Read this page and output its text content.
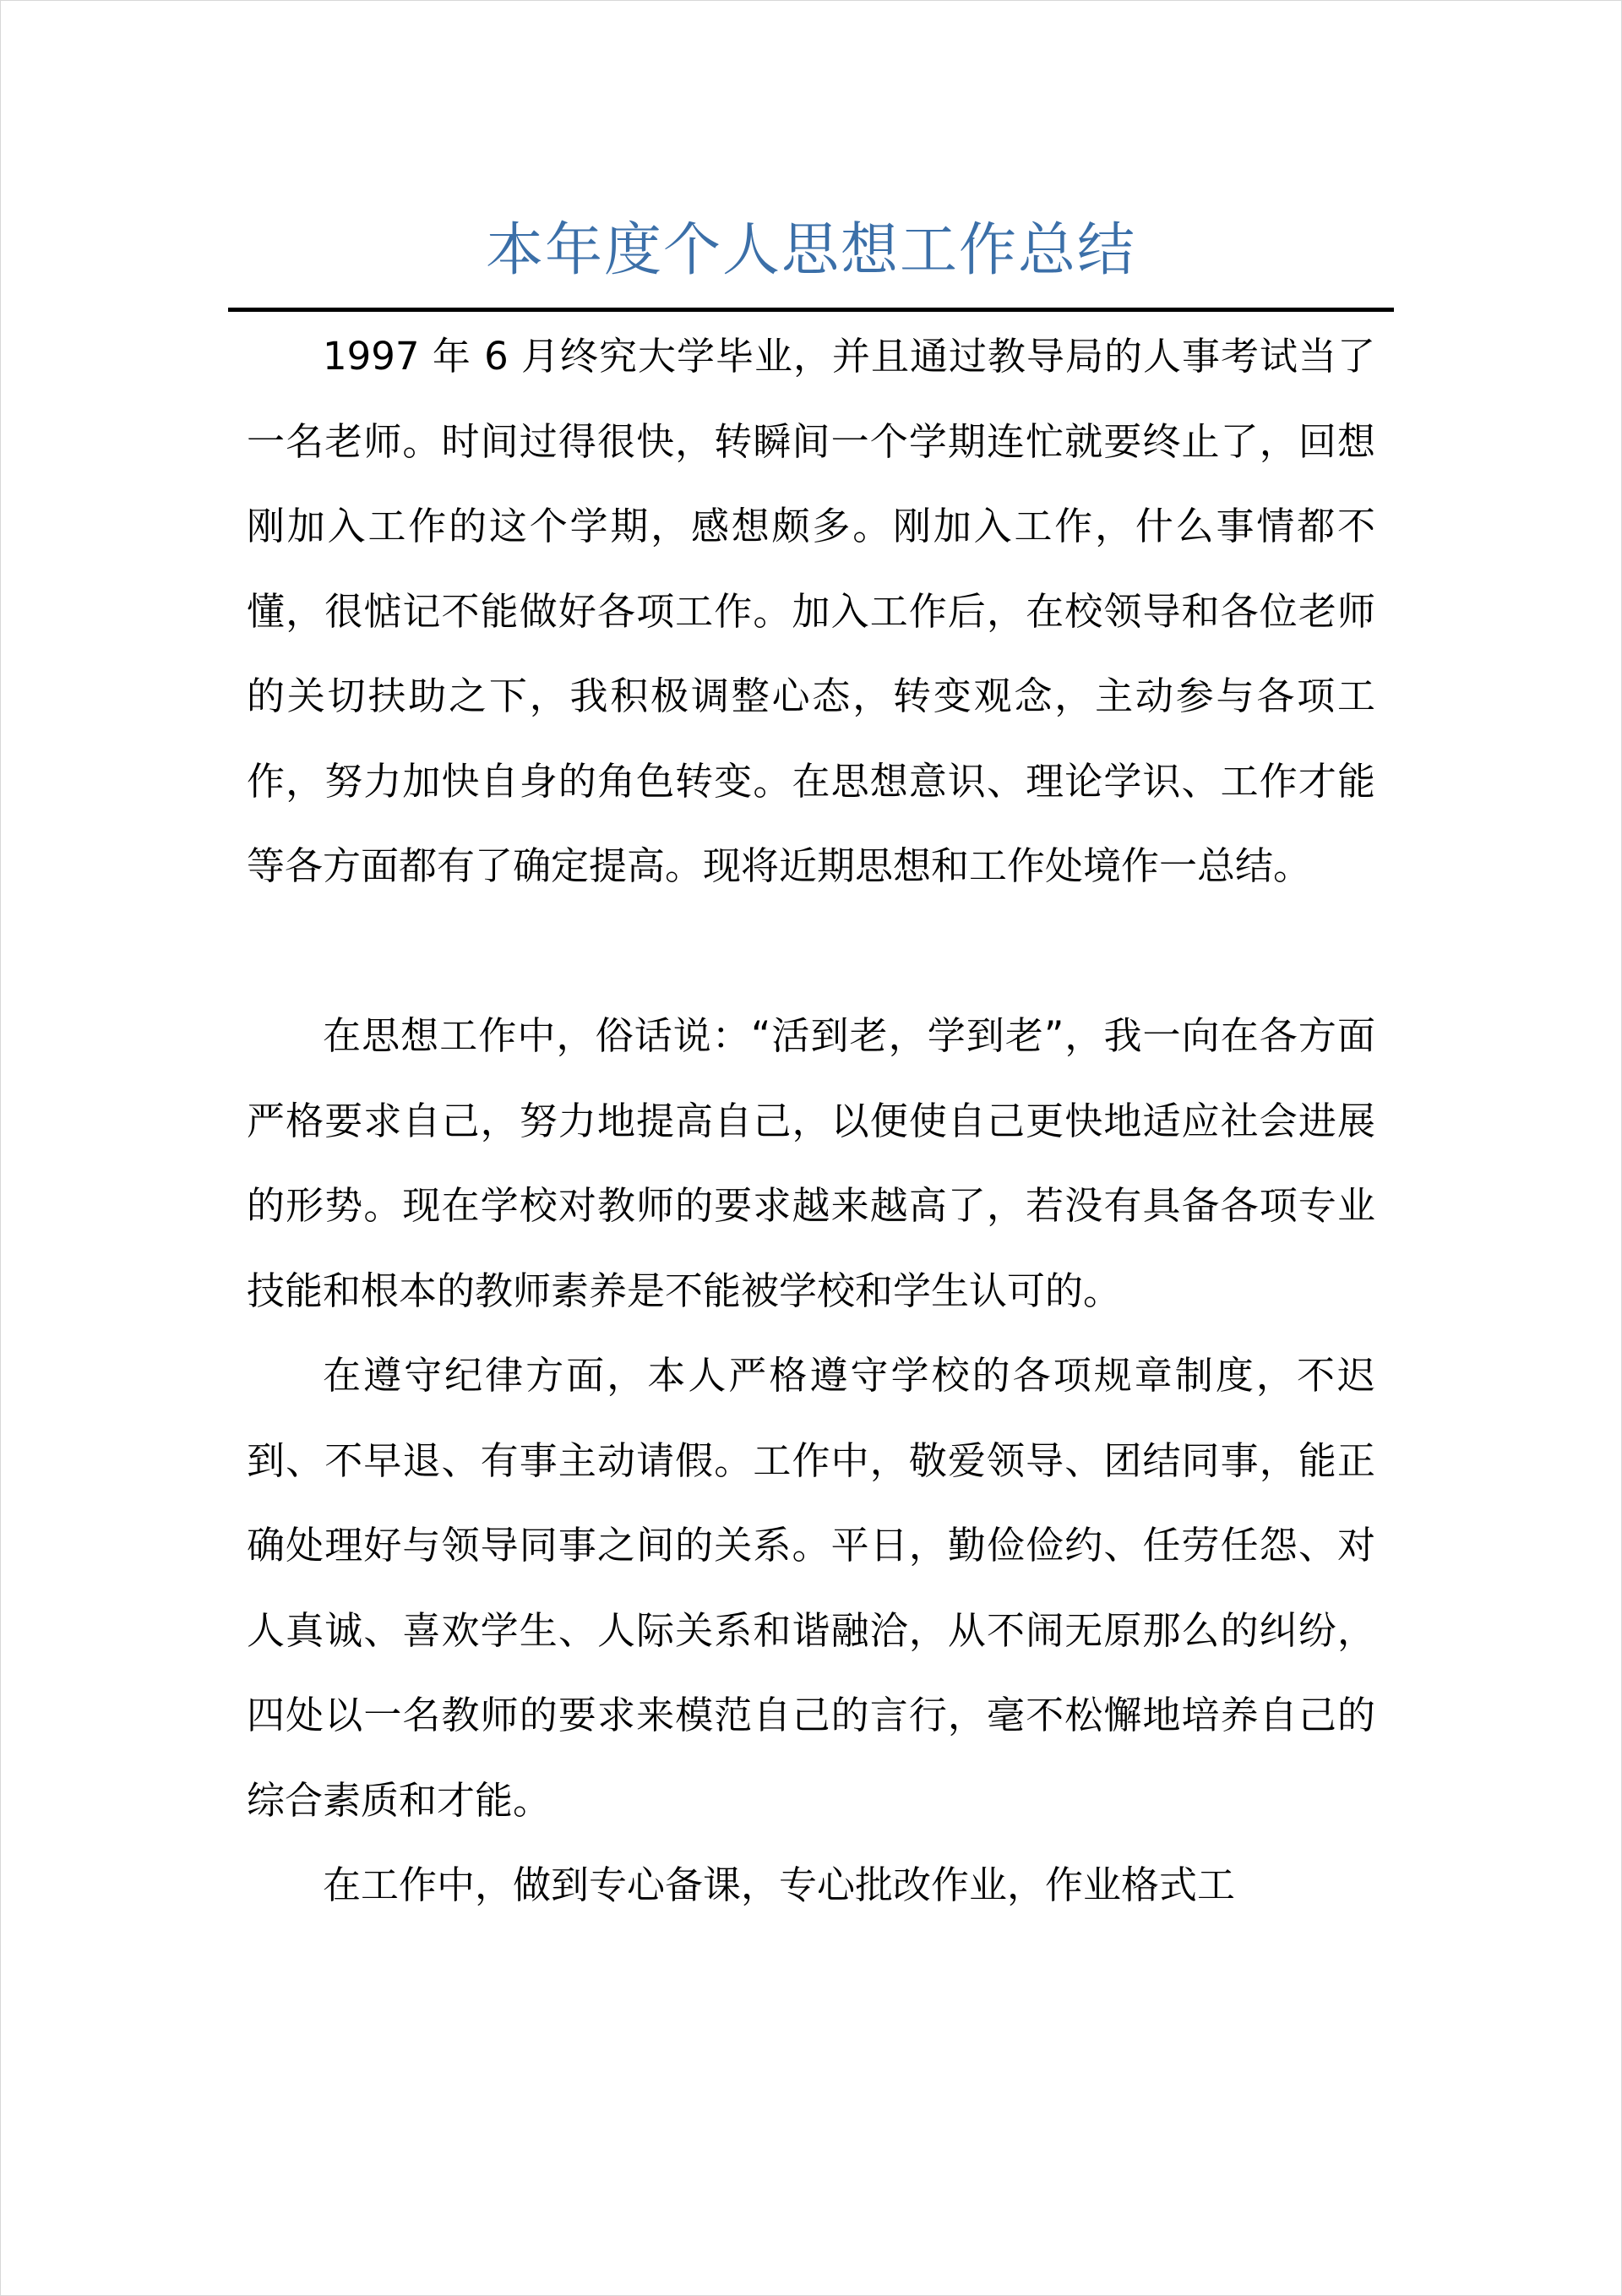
本年度个人思想工作总结

1997 年 6 月终究大学毕业，并且通过教导局的人事考试当了一名老师。时间过得很快，转瞬间一个学期连忙就要终止了，回想刚加入工作的这个学期，感想颇多。刚加入工作，什么事情都不懂，很惦记不能做好各项工作。加入工作后，在校领导和各位老师的关切扶助之下，我积极调整心态，转变观念，主动参与各项工作，努力加快自身的角色转变。在思想意识、理论学识、工作才能等各方面都有了确定提高。现将近期思想和工作处境作一总结。

在思想工作中，俗话说：“活到老，学到老”，我一向在各方面严格要求自己，努力地提高自己，以便使自己更快地适应社会进展的形势。现在学校对教师的要求越来越高了，若没有具备各项专业技能和根本的教师素养是不能被学校和学生认可的。

在遵守纪律方面，本人严格遵守学校的各项规章制度，不迟到、不早退、有事主动请假。工作中，敬爱领导、团结同事，能正确处理好与领导同事之间的关系。平日，勤俭俭约、任劳任怨、对人真诚、喜欢学生、人际关系和谐融洽，从不闹无原那么的纠纷，四处以一名教师的要求来模范自己的言行，毫不松懈地培养自己的综合素质和才能。

在工作中，做到专心备课，专心批改作业，作业格式工
